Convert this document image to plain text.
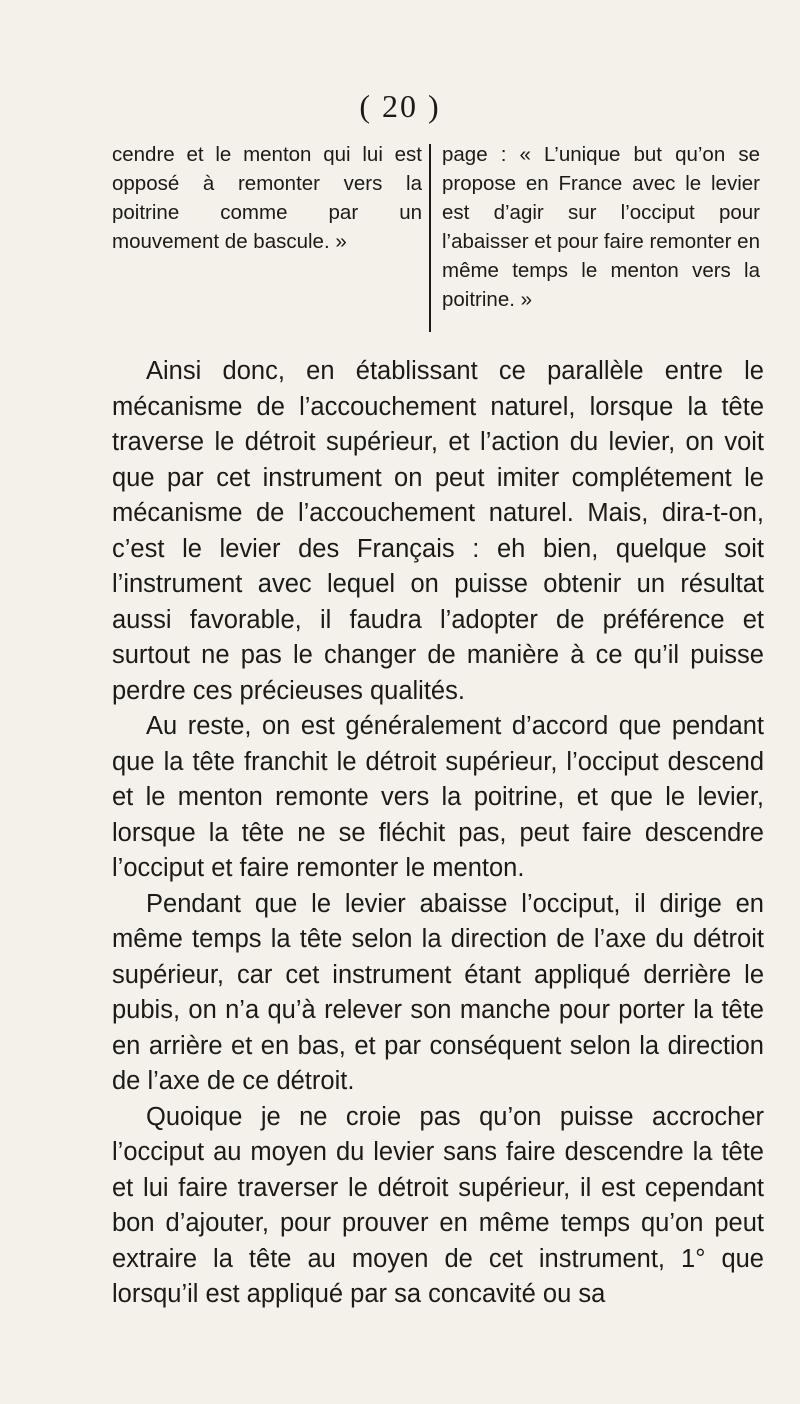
( 20 )
cendre et le menton qui lui est opposé à remonter vers la poitrine comme par un mouvement de bascule. »
page : « L’unique but qu’on se propose en France avec le levier est d’agir sur l’occiput pour l’abaisser et pour faire remonter en même temps le menton vers la poitrine. »

Ainsi donc, en établissant ce parallèle entre le mécanisme de l’accouchement naturel, lorsque la tête traverse le détroit supérieur, et l’action du levier, on voit que par cet instrument on peut imiter complétement le mécanisme de l’accouchement naturel. Mais, dira-t-on, c’est le levier des Français : eh bien, quelque soit l’instrument avec lequel on puisse obtenir un résultat aussi favorable, il faudra l’adopter de préférence et surtout ne pas le changer de manière à ce qu’il puisse perdre ces précieuses qualités.

Au reste, on est généralement d’accord que pendant que la tête franchit le détroit supérieur, l’occiput descend et le menton remonte vers la poitrine, et que le levier, lorsque la tête ne se fléchit pas, peut faire descendre l’occiput et faire remonter le menton.

Pendant que le levier abaisse l’occiput, il dirige en même temps la tête selon la direction de l’axe du détroit supérieur, car cet instrument étant appliqué derrière le pubis, on n’a qu’à relever son manche pour porter la tête en arrière et en bas, et par conséquent selon la direction de l’axe de ce détroit.

Quoique je ne croie pas qu’on puisse accrocher l’occiput au moyen du levier sans faire descendre la tête et lui faire traverser le détroit supérieur, il est cependant bon d’ajouter, pour prouver en même temps qu’on peut extraire la tête au moyen de cet instrument, 1° que lorsqu’il est appliqué par sa concavité ou sa
